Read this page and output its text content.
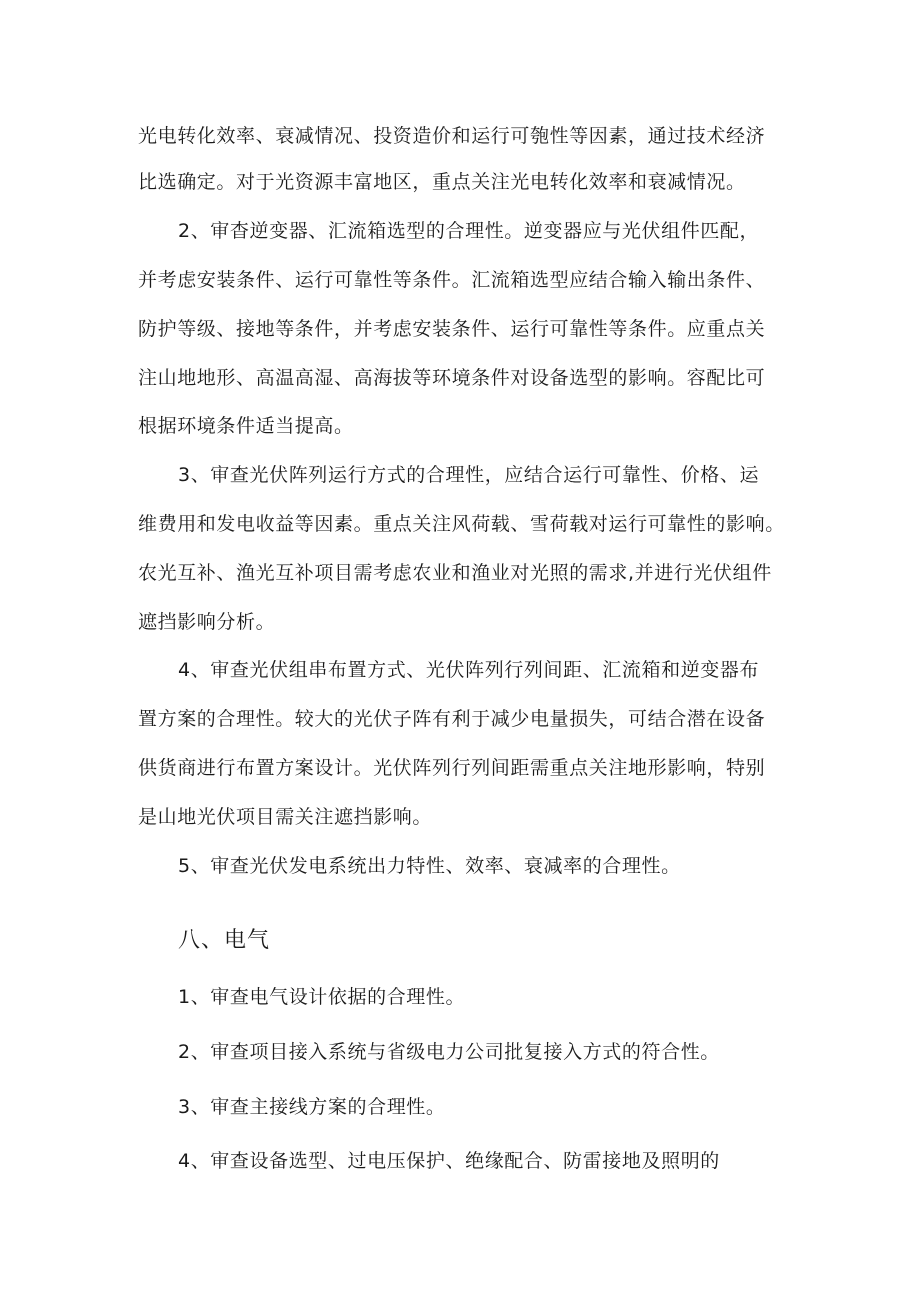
光电转化效率、衰减情况、投资造价和运行可匏性等因素，通过技术经济
比选确定。对于光资源丰富地区，重点关注光电转化效率和衰减情况。
2、审杳逆变器、汇流箱选型的合理性。逆变器应与光伏组件匹配，
并考虑安装条件、运行可靠性等条件。汇流箱选型应结合输入输出条件、
防护等级、接地等条件，并考虑安装条件、运行可靠性等条件。应重点关
注山地地形、高温高湿、高海拔等环境条件对设备选型的影响。容配比可
根据环境条件适当提高。
3、审查光伏阵列运行方式的合理性，应结合运行可靠性、价格、运
维费用和发电收益等因素。重点关注风荷载、雪荷载对运行可靠性的影响。
农光互补、渔光互补项目需考虑农业和渔业对光照的需求,并进行光伏组件
遮挡影响分析。
4、审查光伏组串布置方式、光伏阵列行列间距、汇流箱和逆变器布
置方案的合理性。较大的光伏子阵有利于减少电量损失，可结合潜在设备
供货商进行布置方案设计。光伏阵列行列间距需重点关注地形影响，特别
是山地光伏项目需关注遮挡影响。
5、审查光伏发电系统出力特性、效率、衰减率的合理性。
八、电气
1、审查电气设计依据的合理性。
2、审查项目接入系统与省级电力公司批复接入方式的符合性。
3、审查主接线方案的合理性。
4、审查设备选型、过电压保护、绝缘配合、防雷接地及照明的
